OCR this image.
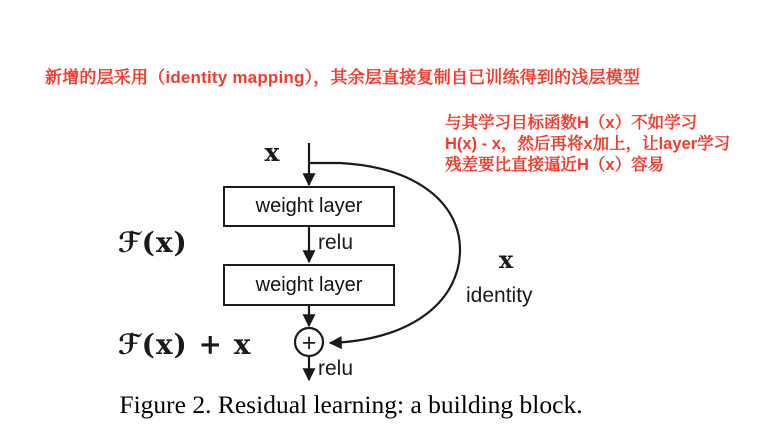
新增的层采用（identity mapping），其余层直接复制自已训练得到的浅层模型
与其学习目标函数H（x）不如学习
H(x) - x，然后再将x加上，让layer学习
残差要比直接逼近H（x）容易
+
x
weight layer
relu
weight layer
ℱ(x)
ℱ(x) + x
x
identity
relu
Figure 2. Residual learning: a building block.
